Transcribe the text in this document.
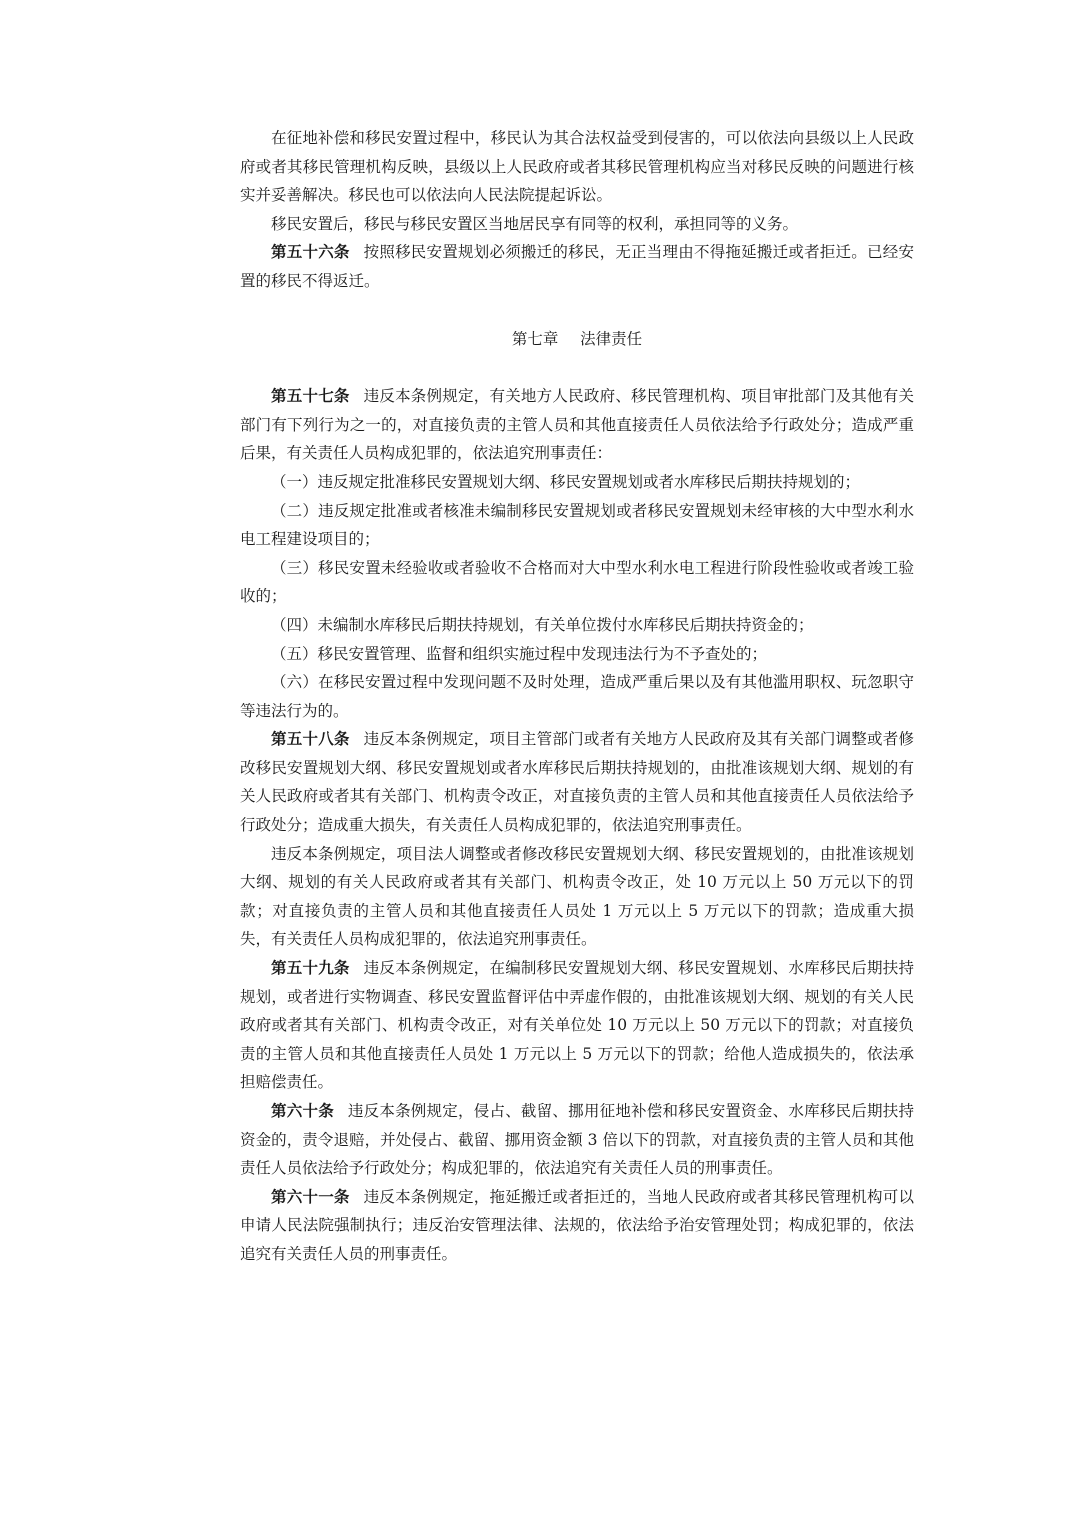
在征地补偿和移民安置过程中，移民认为其合法权益受到侵害的，可以依法向县级以上人民政府或者其移民管理机构反映，县级以上人民政府或者其移民管理机构应当对移民反映的问题进行核实并妥善解决。移民也可以依法向人民法院提起诉讼。

移民安置后，移民与移民安置区当地居民享有同等的权利，承担同等的义务。

第五十六条 按照移民安置规划必须搬迁的移民，无正当理由不得拖延搬迁或者拒迁。已经安置的移民不得返迁。

第七章 法律责任

第五十七条 违反本条例规定，有关地方人民政府、移民管理机构、项目审批部门及其他有关部门有下列行为之一的，对直接负责的主管人员和其他直接责任人员依法给予行政处分；造成严重后果，有关责任人员构成犯罪的，依法追究刑事责任：

（一）违反规定批准移民安置规划大纲、移民安置规划或者水库移民后期扶持规划的；

（二）违反规定批准或者核准未编制移民安置规划或者移民安置规划未经审核的大中型水利水电工程建设项目的；

（三）移民安置未经验收或者验收不合格而对大中型水利水电工程进行阶段性验收或者竣工验收的；

（四）未编制水库移民后期扶持规划，有关单位拨付水库移民后期扶持资金的；

（五）移民安置管理、监督和组织实施过程中发现违法行为不予查处的；

（六）在移民安置过程中发现问题不及时处理，造成严重后果以及有其他滥用职权、玩忽职守等违法行为的。

第五十八条 违反本条例规定，项目主管部门或者有关地方人民政府及其有关部门调整或者修改移民安置规划大纲、移民安置规划或者水库移民后期扶持规划的，由批准该规划大纲、规划的有关人民政府或者其有关部门、机构责令改正，对直接负责的主管人员和其他直接责任人员依法给予行政处分；造成重大损失，有关责任人员构成犯罪的，依法追究刑事责任。

违反本条例规定，项目法人调整或者修改移民安置规划大纲、移民安置规划的，由批准该规划大纲、规划的有关人民政府或者其有关部门、机构责令改正，处 10 万元以上 50 万元以下的罚款；对直接负责的主管人员和其他直接责任人员处 1 万元以上 5 万元以下的罚款；造成重大损失，有关责任人员构成犯罪的，依法追究刑事责任。

第五十九条 违反本条例规定，在编制移民安置规划大纲、移民安置规划、水库移民后期扶持规划，或者进行实物调查、移民安置监督评估中弄虚作假的，由批准该规划大纲、规划的有关人民政府或者其有关部门、机构责令改正，对有关单位处 10 万元以上 50 万元以下的罚款；对直接负责的主管人员和其他直接责任人员处 1 万元以上 5 万元以下的罚款；给他人造成损失的，依法承担赔偿责任。

第六十条 违反本条例规定，侵占、截留、挪用征地补偿和移民安置资金、水库移民后期扶持资金的，责令退赔，并处侵占、截留、挪用资金额 3 倍以下的罚款，对直接负责的主管人员和其他责任人员依法给予行政处分；构成犯罪的，依法追究有关责任人员的刑事责任。

第六十一条 违反本条例规定，拖延搬迁或者拒迁的，当地人民政府或者其移民管理机构可以申请人民法院强制执行；违反治安管理法律、法规的，依法给予治安管理处罚；构成犯罪的，依法追究有关责任人员的刑事责任。
